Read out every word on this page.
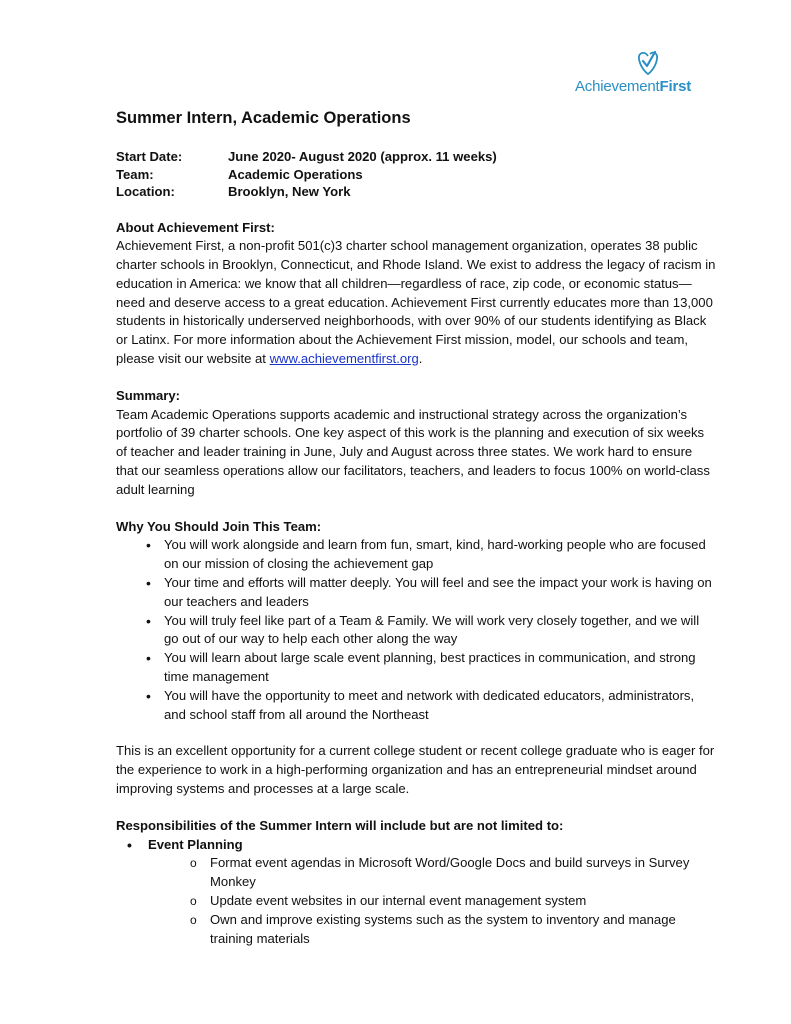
AchievementFirst
Summer Intern, Academic Operations
Start Date:	June 2020- August 2020 (approx. 11 weeks)
Team:	Academic Operations
Location:	Brooklyn, New York
About Achievement First:

Achievement First, a non-profit 501(c)3 charter school management organization, operates 38 public charter schools in Brooklyn, Connecticut, and Rhode Island. We exist to address the legacy of racism in education in America: we know that all children—regardless of race, zip code, or economic status—need and deserve access to a great education. Achievement First currently educates more than 13,000 students in historically underserved neighborhoods, with over 90% of our students identifying as Black or Latinx. For more information about the Achievement First mission, model, our schools and team, please visit our website at www.achievementfirst.org.

Summary:

Team Academic Operations supports academic and instructional strategy across the organization’s portfolio of 39 charter schools. One key aspect of this work is the planning and execution of six weeks of teacher and leader training in June, July and August across three states. We work hard to ensure that our seamless operations allow our facilitators, teachers, and leaders to focus 100% on world-class adult learning

Why You Should Join This Team:
• You will work alongside and learn from fun, smart, kind, hard-working people who are focused on our mission of closing the achievement gap
• Your time and efforts will matter deeply. You will feel and see the impact your work is having on our teachers and leaders
• You will truly feel like part of a Team & Family. We will work very closely together, and we will go out of our way to help each other along the way
• You will learn about large scale event planning, best practices in communication, and strong time management
• You will have the opportunity to meet and network with dedicated educators, administrators, and school staff from all around the Northeast

This is an excellent opportunity for a current college student or recent college graduate who is eager for the experience to work in a high-performing organization and has an entrepreneurial mindset around improving systems and processes at a large scale.

Responsibilities of the Summer Intern will include but are not limited to:
• Event Planning
o Format event agendas in Microsoft Word/Google Docs and build surveys in Survey Monkey
o Update event websites in our internal event management system
o Own and improve existing systems such as the system to inventory and manage training materials
